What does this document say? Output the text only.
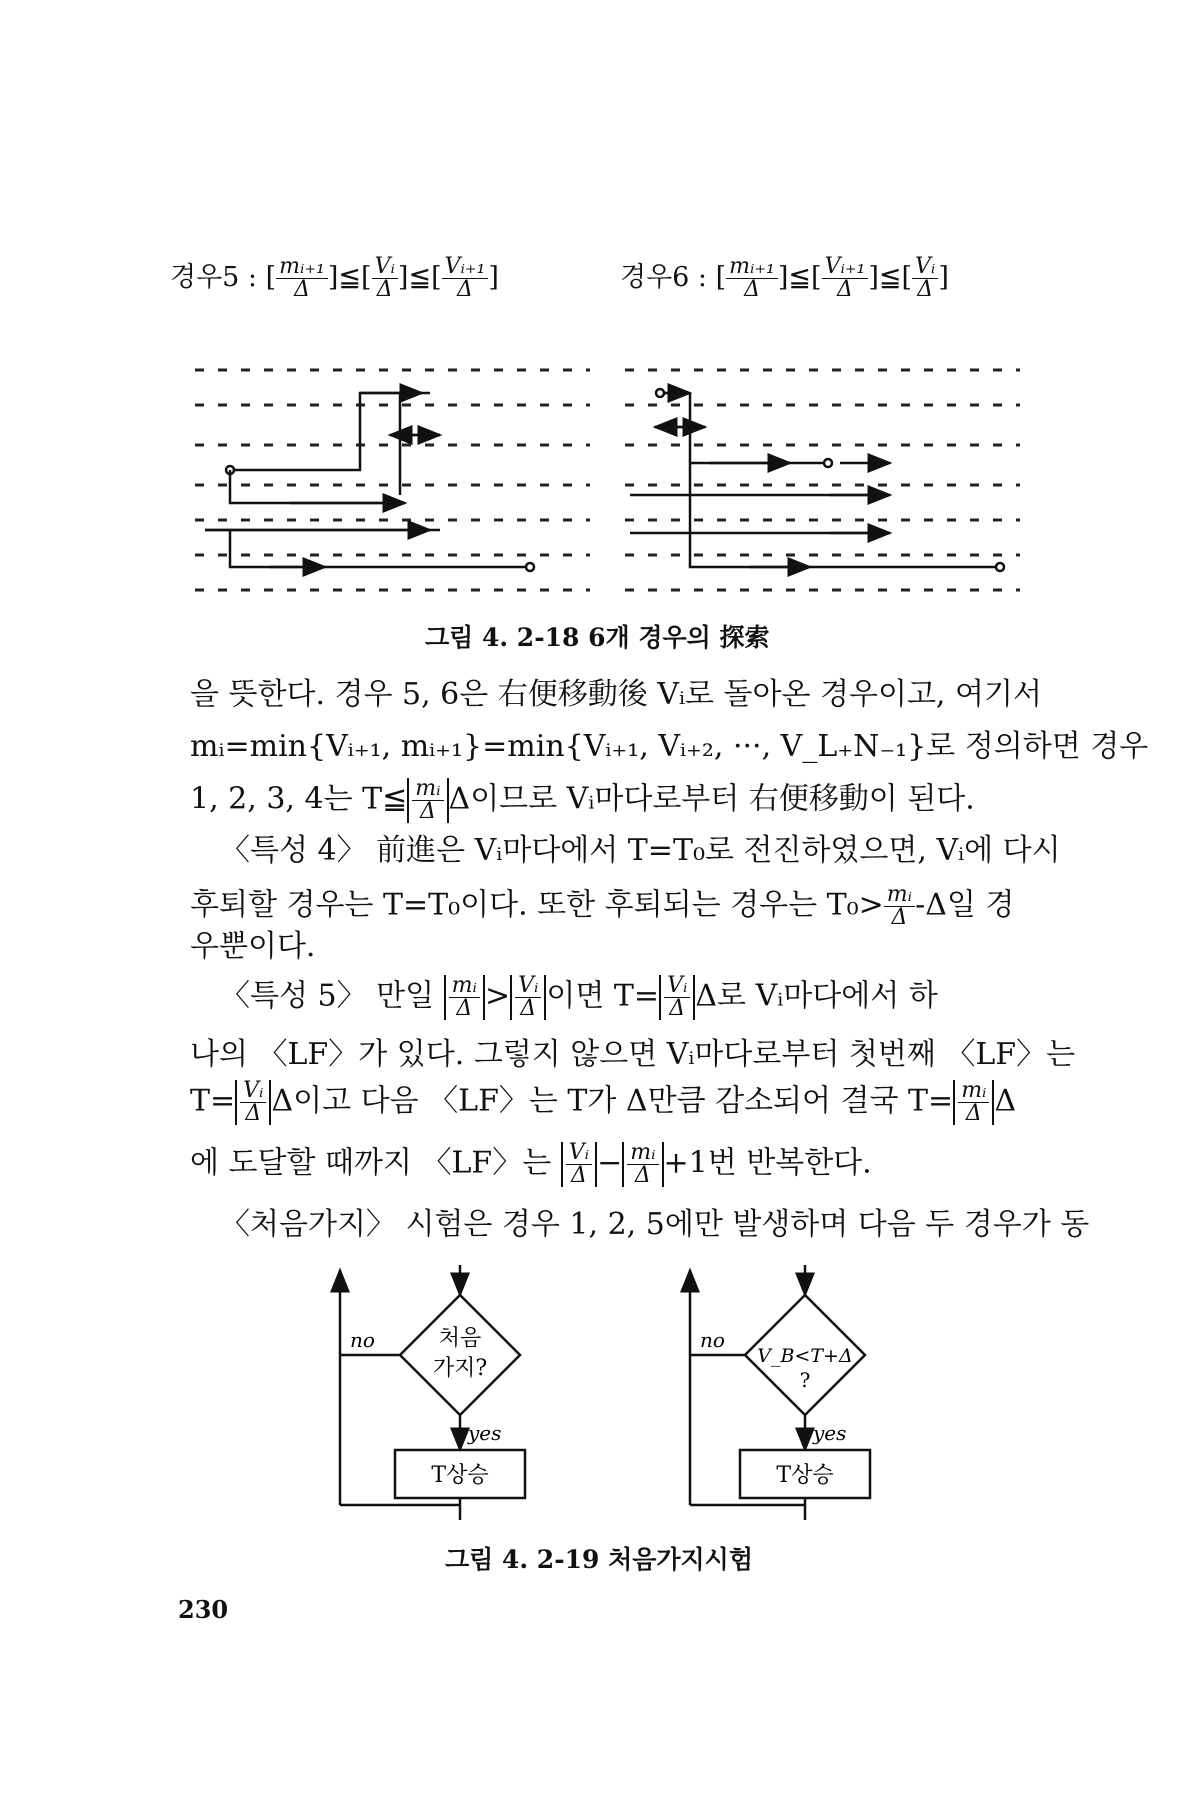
경우5 : [ $\frac{\text{mᵢ₊₁}}{\Delta}$ ]≦[ $\frac{\text{Vᵢ}}{\Delta}$ ]≦[ $\frac{\text{Vᵢ₊₁}}{\Delta}$ ]	경우6 : [ $\frac{\text{mᵢ₊₁}}{\Delta}$ ]≦[ $\frac{\text{Vᵢ₊₁}}{\Delta}$ ]≦[ $\frac{\text{Vᵢ}}{\Delta}$ ]
그림 4. 2-18 6개 경우의 探索
을 뜻한다. 경우 5, 6은 右便移動後 Vᵢ로 돌아온 경우이고, 여기서
mᵢ=min{Vᵢ₊₁, mᵢ₊₁}=min{Vᵢ₊₁, Vᵢ₊₂, ···, V_L₊N₋₁}로 정의하면 경우
1, 2, 3, 4는 T≦ $\frac{\text{mᵢ}}{\Delta}$ Δ이므로 Vᵢ마다로부터 右便移動이 된다.
〈특성 4〉 前進은 Vᵢ마다에서 T=T₀로 전진하였으면, Vᵢ에 다시
후퇴할 경우는 T=T₀이다. 또한 후퇴되는 경우는 $T_0> \frac{\text{mᵢ}}{\Delta} -\Delta$일 경
우뿐이다.
〈특성 5〉 만일 $\frac{\text{mᵢ}}{\Delta} > \frac{\text{Vᵢ}}{\Delta}$ 이면 $T= \frac{\text{Vᵢ}}{\Delta}$ Δ로 Vᵢ마다에서 하
나의 〈LF〉가 있다. 그렇지 않으면 Vᵢ마다로부터 첫번째 〈LF〉는
$T= \frac{\text{Vᵢ}}{\Delta}$ Δ이고 다음 〈LF〉는 T가 Δ만큼 감소되어 결국 $T= \frac{\text{mᵢ}}{\Delta}$ Δ
에 도달할 때까지 〈LF〉는 $\frac{\text{Vᵢ}}{\Delta} - \frac{\text{mᵢ}}{\Delta} +1$번 반복한다.
〈처음가지〉 시험은 경우 1, 2, 5에만 발생하며 다음 두 경우가 동
처음
가지?
no
yes
T상승
V_B<T+Δ
?
no
yes
T상승
그림 4. 2-19 처음가지시험
230
